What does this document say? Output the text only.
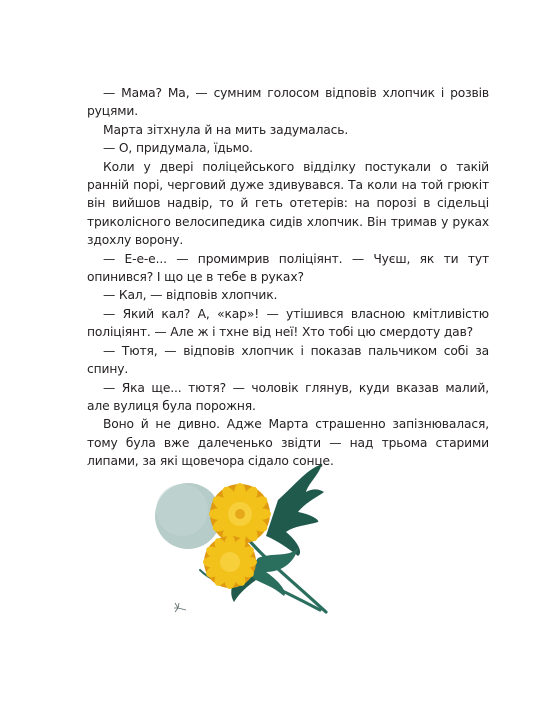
— Мама? Ма, — сумним голосом відповів хлопчик і розвів руцями.

Марта зітхнула й на мить задумалась.

— О, придумала, їдьмо.

Коли у двері поліцейського відділку постукали о такій ранній порі, черговий дуже здивувався. Та коли на той грюкіт він вийшов надвір, то й геть отетерів: на порозі в сідельці триколісного велосипедика сидів хлопчик. Він тримав у руках здохлу ворону.

— Е-е-е... — промимрив поліціянт. — Чуєш, як ти тут опинився? І що це в тебе в руках?

— Кал, — відповів хлопчик.

— Який кал? А, «кар»! — утішився власною кмітливістю поліціянт. — Але ж і тхне від неї! Хто тобі цю смердоту дав?

— Тютя, — відповів хлопчик і показав пальчиком собі за спину.

— Яка ще... тютя? — чоловік глянув, куди вказав малий, але вулиця була порожня.

Воно й не дивно. Адже Марта страшенно запізнювалася, тому була вже далеченько звідти — над трьома старими липами, за які щовечора сідало сонце.
